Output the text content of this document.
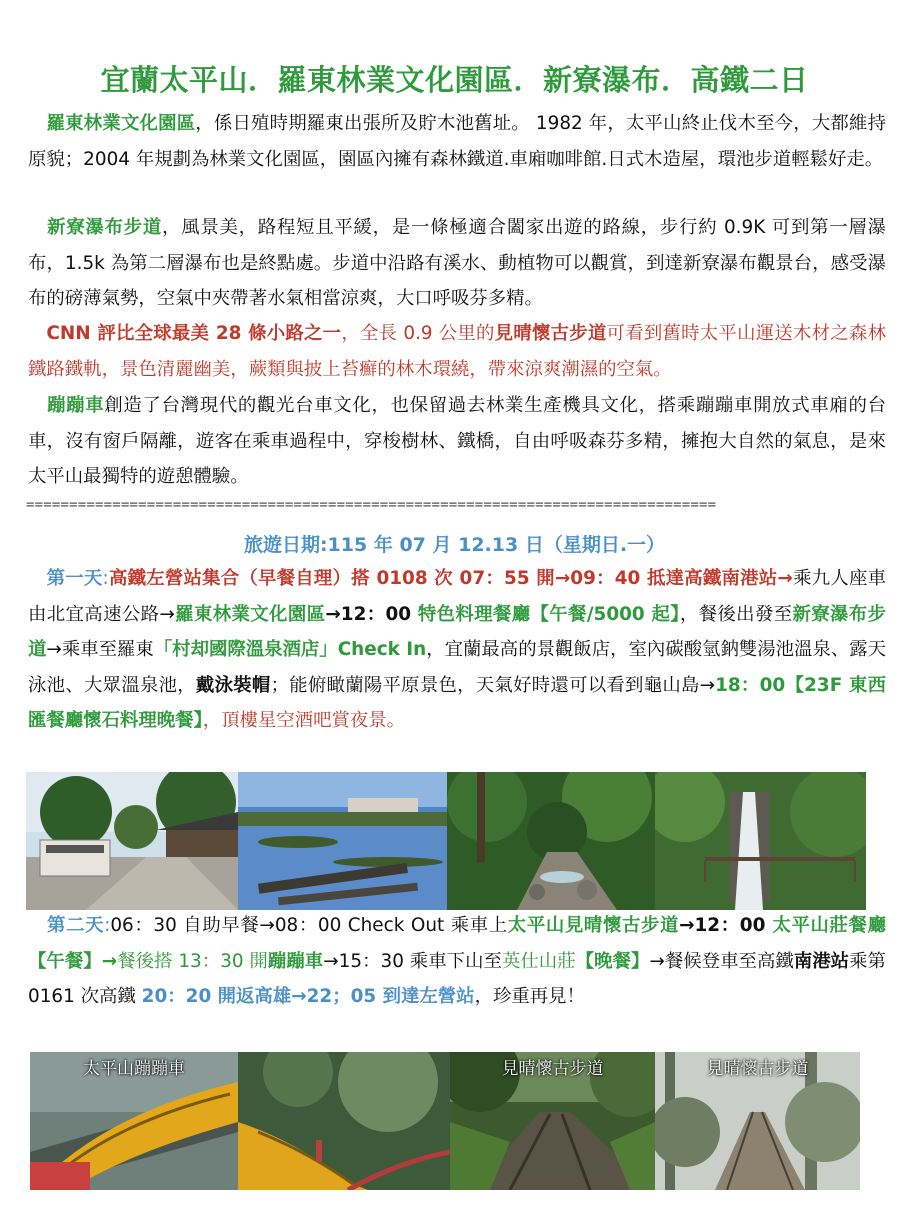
宜蘭太平山．羅東林業文化園區．新寮瀑布．高鐵二日
 羅東林業文化園區，係日殖時期羅東出張所及貯木池舊址。 1982 年，太平山終止伐木至今，大都維持原貌；2004 年規劃為林業文化園區，園區內擁有森林鐵道.車廂咖啡館.日式木造屋，環池步道輕鬆好走。
 新寮瀑布步道，風景美，路程短且平緩，是一條極適合闔家出遊的路線，步行約 0.9K 可到第一層瀑布，1.5k 為第二層瀑布也是終點處。步道中沿路有溪水、動植物可以觀賞，到達新寮瀑布觀景台，感受瀑布的磅薄氣勢，空氣中夾帶著水氣相當涼爽，大口呼吸芬多精。
 CNN 評比全球最美 28 條小路之一，全長 0.9 公里的見晴懷古步道可看到舊時太平山運送木材之森林鐵路鐵軌，景色清麗幽美，蕨類與披上苔癬的林木環繞，帶來涼爽潮濕的空氣。
 蹦蹦車創造了台灣現代的觀光台車文化，也保留過去林業生產機具文化，搭乘蹦蹦車開放式車廂的台車，沒有窗戶隔離，遊客在乘車過程中，穿梭樹林、鐵橋，自由呼吸森芬多精，擁抱大自然的氣息，是來太平山最獨特的遊憩體驗。
================================================================================
旅遊日期:115 年 07 月 12.13 日（星期日.一）
 第一天:高鐵左營站集合（早餐自理）搭 0108 次 07：55 開→09：40 抵達高鐵南港站→乘九人座車由北宜高速公路→羅東林業文化園區→12：00 特色料理餐廳【午餐/5000 起】，餐後出發至新寮瀑布步道→乘車至羅東「村却國際溫泉酒店」Check In，宜蘭最高的景觀飯店，室內碳酸氫鈉雙湯池溫泉、露天泳池、大眾溫泉池，戴泳裝帽；能俯瞰蘭陽平原景色，天氣好時還可以看到龜山島→18：00【23F 東西匯餐廳懷石料理晚餐】，頂樓星空酒吧賞夜景。
 第二天:06：30 自助早餐→08：00 Check Out 乘車上太平山見晴懷古步道→12：00 太平山莊餐廳【午餐】→餐後搭 13：30 開蹦蹦車→15：30 乘車下山至英仕山莊【晚餐】→餐候登車至高鐵南港站乘第 0161 次高鐵 20：20 開返高雄→22；05 到達左營站，珍重再見！
太平山蹦蹦車	見晴懷古步道	見晴懷古步道
